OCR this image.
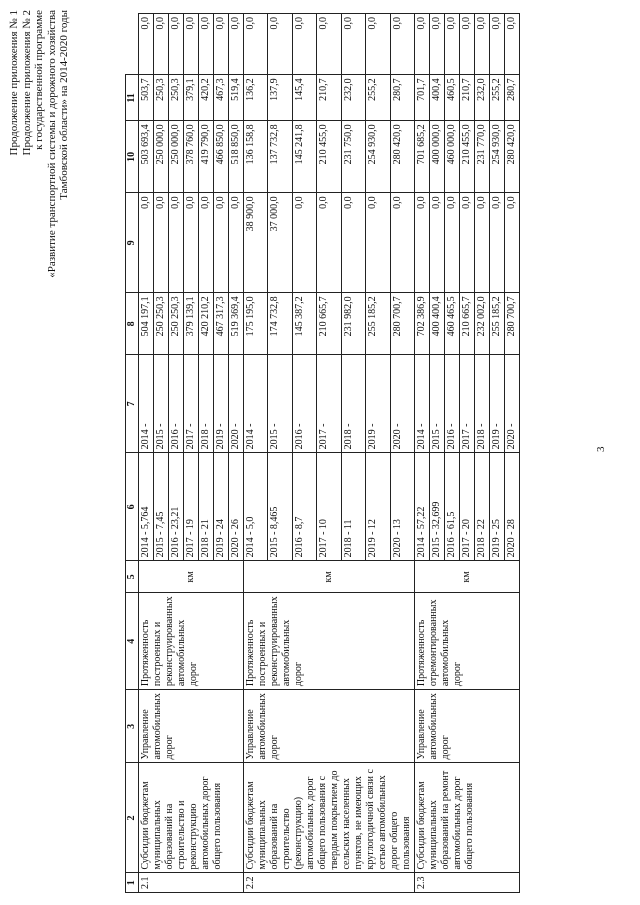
3
Продолжение приложения № 1 Продолжение приложения № 2 к государственной программе «Развитие транспортной системы и дорожного хозяйства Тамбовской области» на 2014-2020 годы
1	2	3	4	5	6	7	8	9	10	11	
2.1	Субсидии бюджетам муниципальных образований на строительство и реконструкцию автомобильных дорог общего пользования	Управление автомобильных дорог	Протяженность построенных и реконструированных автомобильных дорог	км	2014 - 5,764	2014 -	504 197,1	0,0	503 693,4	503,7	0,0
					2015 - 7,45	2015 -	250 250,3	0,0	250 000,0	250,3	0,0
					2016 - 23,21	2016 -	250 250,3	0,0	250 000,0	250,3	0,0
					2017 - 19	2017 -	379 139,1	0,0	378 760,0	379,1	0,0
					2018 - 21	2018 -	420 210,2	0,0	419 790,0	420,2	0,0
					2019 - 24	2019 -	467 317,3	0,0	466 850,0	467,3	0,0
					2020 - 26	2020 -	519 369,4	0,0	518 850,0	519,4	0,0
2.2	Субсидии бюджетам муниципальных образований на строительство (реконструкцию) автомобильных дорог общего пользования с твердым покрытием до сельских населенных пунктов, не имеющих круглогодичной связи с сетью автомобильных дорог общего пользования	Управление автомобильных дорог	Протяженность построенных и реконструированных автомобильных дорог	км	2014 - 5,0	2014 -	175 195,0	38 900,0	136 158,8	136,2	0,0
					2015 - 8,465	2015 -	174 732,8	37 000,0	137 732,8	137,9	0,0
					2016 - 8,7	2016 -	145 387,2	0,0	145 241,8	145,4	0,0
					2017 - 10	2017 -	210 665,7	0,0	210 455,0	210,7	0,0
					2018 - 11	2018 -	231 982,0	0,0	231 750,0	232,0	0,0
					2019 - 12	2019 -	255 185,2	0,0	254 930,0	255,2	0,0
					2020 - 13	2020 -	280 700,7	0,0	280 420,0	280,7	0,0
2.3	Субсидии бюджетам муниципальных образований на ремонт автомобильных дорог общего пользования	Управление автомобильных дорог	Протяженность отремонтированных автомобильных дорог	км	2014 - 57,22	2014 -	702 386,9	0,0	701 685,2	701,7	0,0
					2015 - 32,699	2015 -	400 400,4	0,0	400 000,0	400,4	0,0
					2016 - 61,5	2016 -	460 465,5	0,0	460 000,0	460,5	0,0
					2017 - 20	2017 -	210 665,7	0,0	210 455,0	210,7	0,0
					2018 - 22	2018 -	232 002,0	0,0	231 770,0	232,0	0,0
					2019 - 25	2019 -	255 185,2	0,0	254 930,0	255,2	0,0
					2020 - 28	2020 -	280 700,7	0,0	280 420,0	280,7	0,0
